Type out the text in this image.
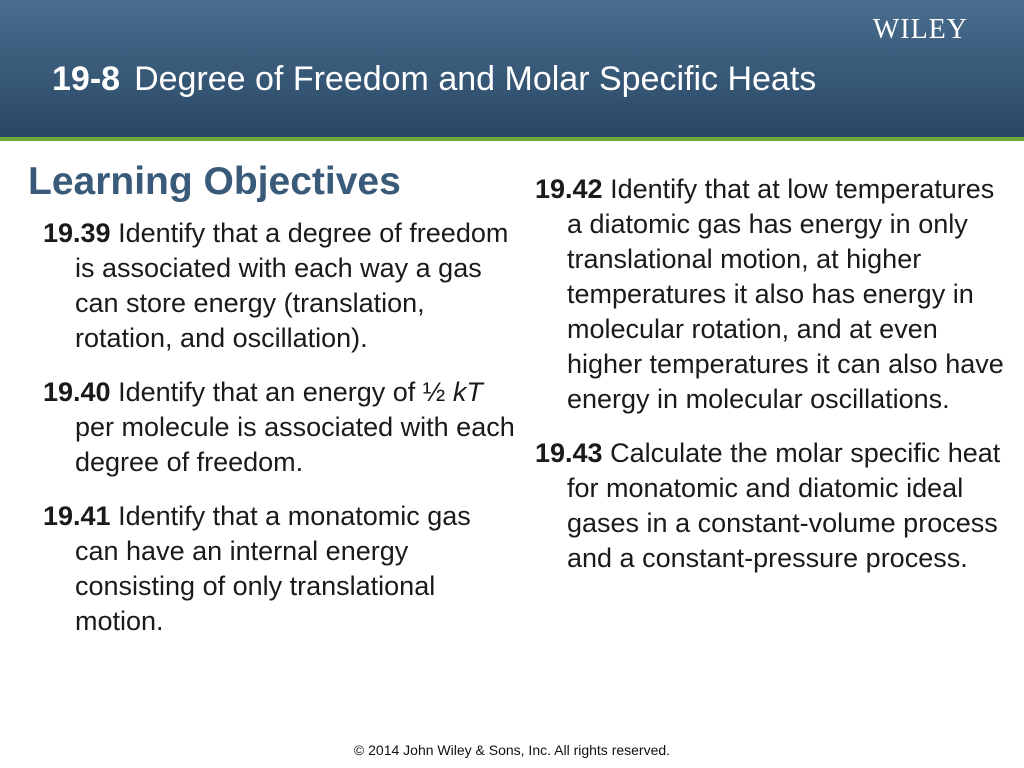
WILEY
19-8 Degree of Freedom and Molar Specific Heats
Learning Objectives
19.39 Identify that a degree of freedom is associated with each way a gas can store energy (translation, rotation, and oscillation).
19.40 Identify that an energy of ½ kT per molecule is associated with each degree of freedom.
19.41 Identify that a monatomic gas can have an internal energy consisting of only translational motion.
19.42 Identify that at low temperatures a diatomic gas has energy in only translational motion, at higher temperatures it also has energy in molecular rotation, and at even higher temperatures it can also have energy in molecular oscillations.
19.43 Calculate the molar specific heat for monatomic and diatomic ideal gases in a constant-volume process and a constant-pressure process.
© 2014 John Wiley & Sons, Inc. All rights reserved.
